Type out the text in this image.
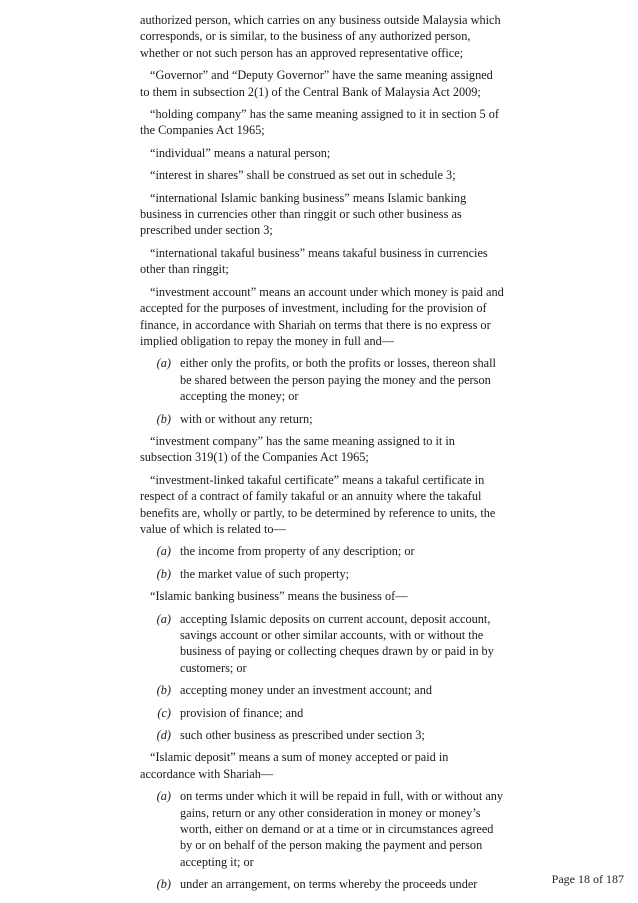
authorized person, which carries on any business outside Malaysia which corresponds, or is similar, to the business of any authorized person, whether or not such person has an approved representative office;

“Governor” and “Deputy Governor” have the same meaning assigned to them in subsection 2(1) of the Central Bank of Malaysia Act 2009;

“holding company” has the same meaning assigned to it in section 5 of the Companies Act 1965;

“individual” means a natural person;

“interest in shares” shall be construed as set out in schedule 3;

“international Islamic banking business” means Islamic banking business in currencies other than ringgit or such other business as prescribed under section 3;

“international takaful business” means takaful business in currencies other than ringgit;

“investment account” means an account under which money is paid and accepted for the purposes of investment, including for the provision of finance, in accordance with Shariah on terms that there is no express or implied obligation to repay the money in full and—

(a) either only the profits, or both the profits or losses, thereon shall be shared between the person paying the money and the person accepting the money; or
(b) with or without any return;

“investment company” has the same meaning assigned to it in subsection 319(1) of the Companies Act 1965;

“investment-linked takaful certificate” means a takaful certificate in respect of a contract of family takaful or an annuity where the takaful benefits are, wholly or partly, to be determined by reference to units, the value of which is related to—

(a) the income from property of any description; or
(b) the market value of such property;

“Islamic banking business” means the business of—

(a) accepting Islamic deposits on current account, deposit account, savings account or other similar accounts, with or without the business of paying or collecting cheques drawn by or paid in by customers; or
(b) accepting money under an investment account; and
(c) provision of finance; and
(d) such other business as prescribed under section 3;

“Islamic deposit” means a sum of money accepted or paid in accordance with Shariah—

(a) on terms under which it will be repaid in full, with or without any gains, return or any other consideration in money or money’s worth, either on demand or at a time or in circumstances agreed by or on behalf of the person making the payment and person accepting it; or
(b) under an arrangement, on terms whereby the proceeds under	Page 18 of 187
